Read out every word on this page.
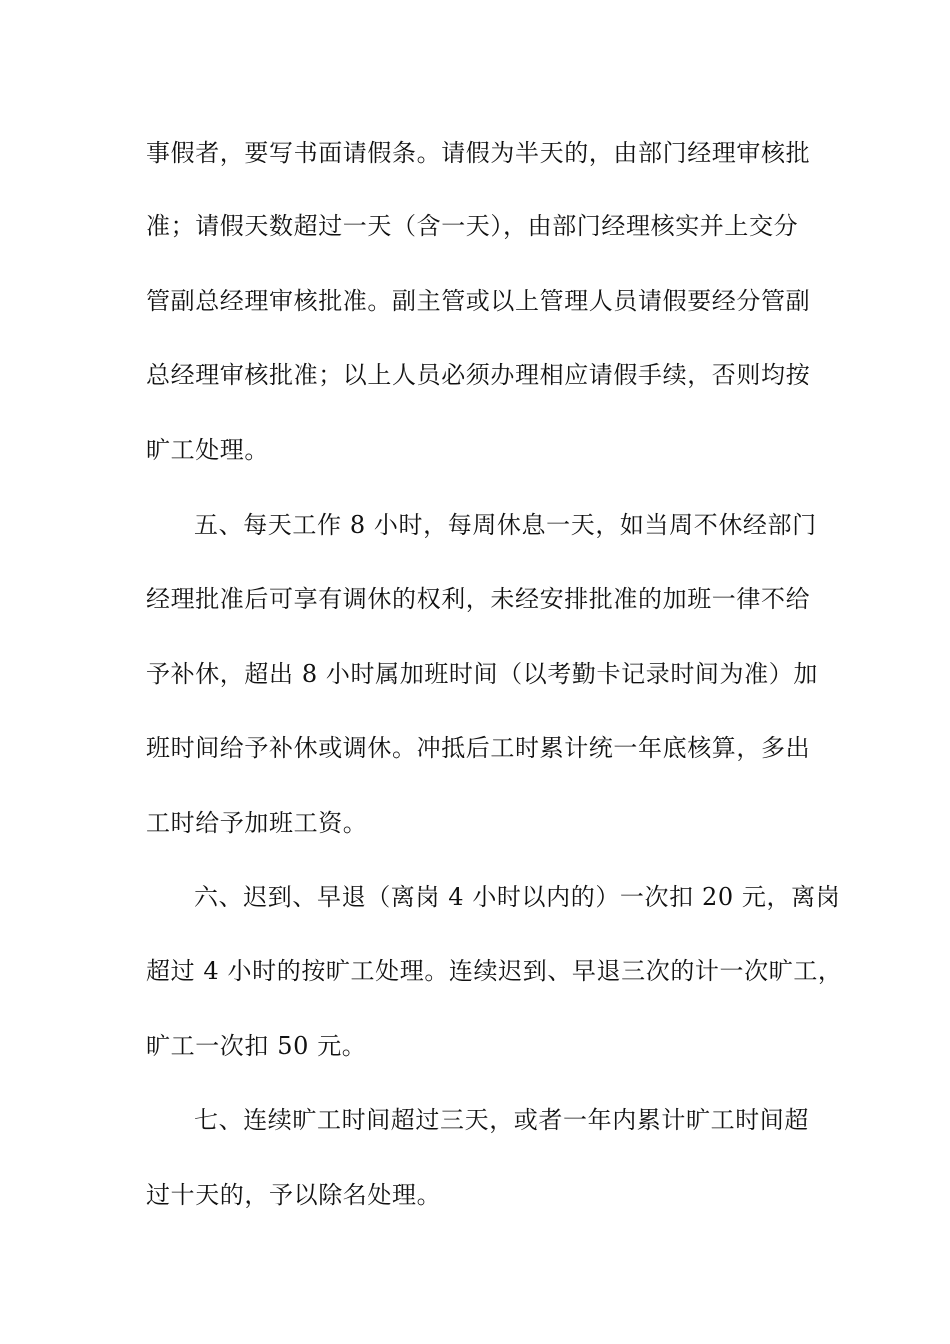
事假者，要写书面请假条。请假为半天的，由部门经理审核批
准；请假天数超过一天（含一天），由部门经理核实并上交分
管副总经理审核批准。副主管或以上管理人员请假要经分管副
总经理审核批准；以上人员必须办理相应请假手续，否则均按
旷工处理。
五、每天工作 8 小时，每周休息一天，如当周不休经部门
经理批准后可享有调休的权利，未经安排批准的加班一律不给
予补休，超出 8 小时属加班时间（以考勤卡记录时间为准）加
班时间给予补休或调休。冲抵后工时累计统一年底核算，多出
工时给予加班工资。
六、迟到、早退（离岗 4 小时以内的）一次扣 20 元，离岗
超过 4 小时的按旷工处理。连续迟到、早退三次的计一次旷工，
旷工一次扣 50 元。
七、连续旷工时间超过三天，或者一年内累计旷工时间超
过十天的，予以除名处理。
